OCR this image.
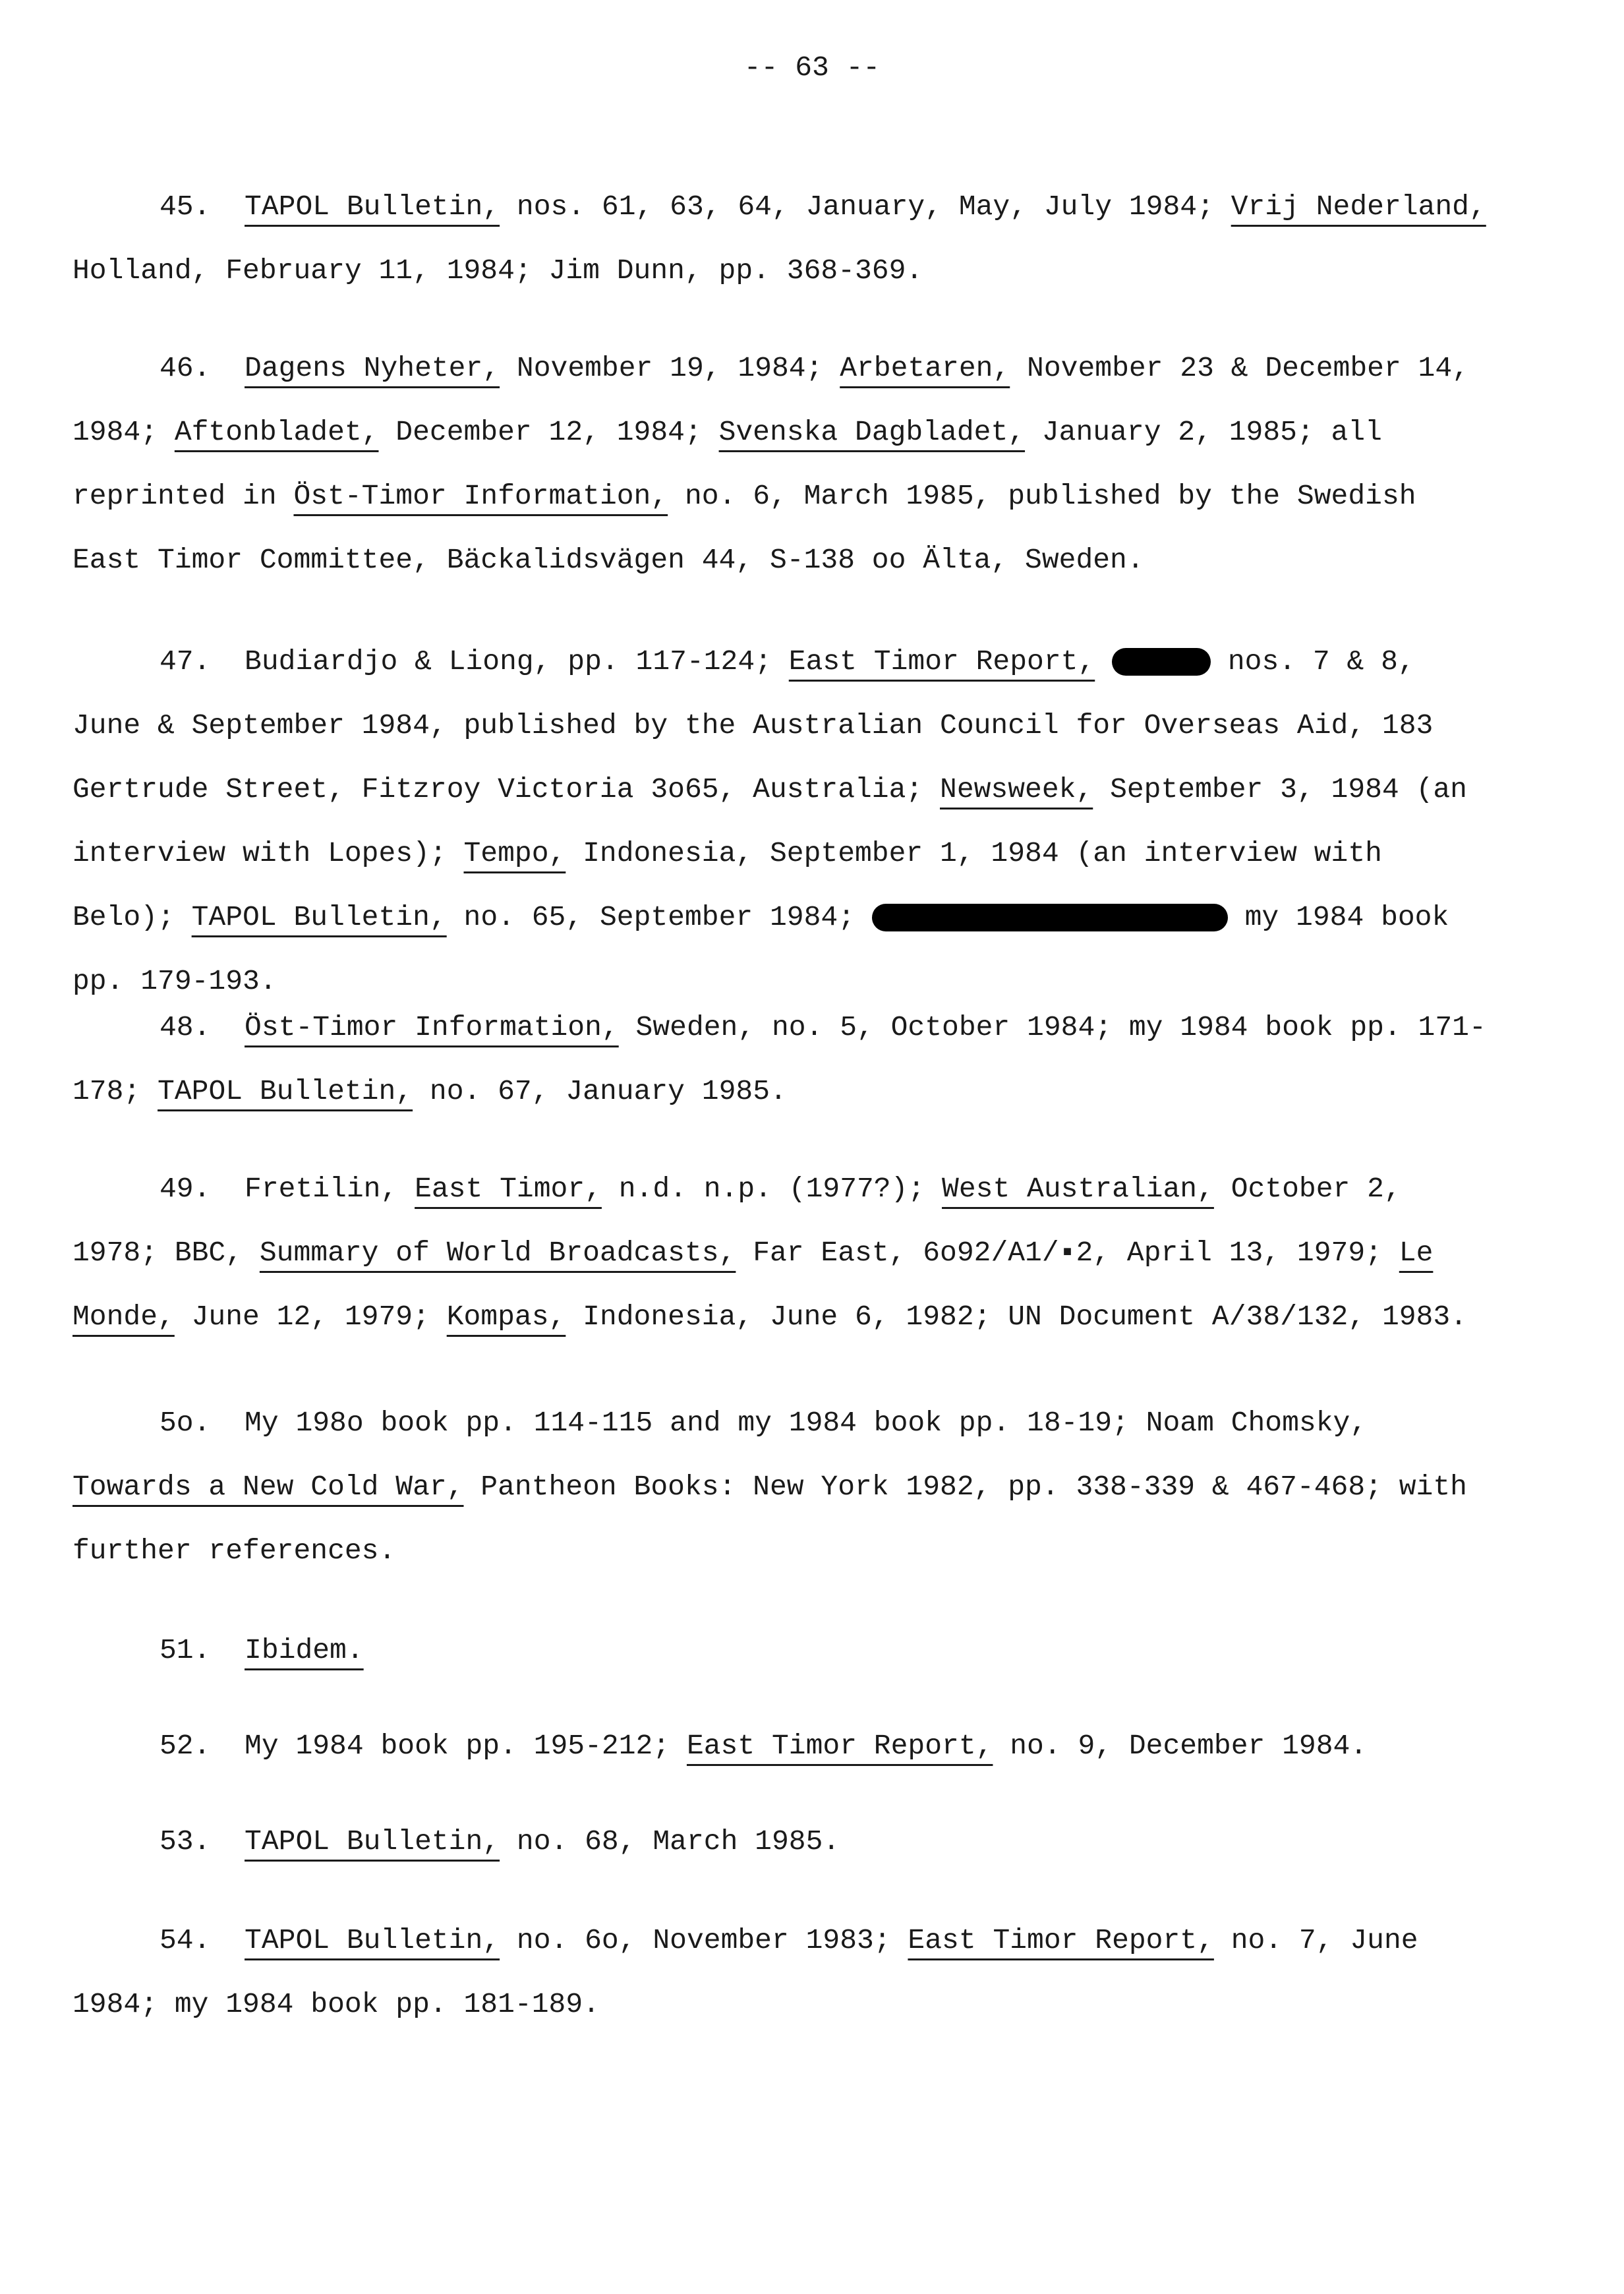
-- 63 --

45. TAPOL Bulletin, nos. 61, 63, 64, January, May, July 1984; Vrij Nederland, Holland, February 11, 1984; Jim Dunn, pp. 368-369.

46. Dagens Nyheter, November 19, 1984; Arbetaren, November 23 & December 14, 1984; Aftonbladet, December 12, 1984; Svenska Dagbladet, January 2, 1985; all reprinted in Öst-Timor Information, no. 6, March 1985, published by the Swedish East Timor Committee, Bäckalidsvägen 44, S-138 oo Älta, Sweden.

47. Budiardjo & Liong, pp. 117-124; East Timor Report,	nos. 7 & 8, June & September 1984, published by the Australian Council for Overseas Aid, 183 Gertrude Street, Fitzroy Victoria 3o65, Australia; Newsweek, September 3, 1984 (an interview with Lopes); Tempo, Indonesia, September 1, 1984 (an interview with Belo); TAPOL Bulletin, no. 65, September 1984;	my 1984 book pp. 179-193.

48. Öst-Timor Information, Sweden, no. 5, October 1984; my 1984 book pp. 171-178; TAPOL Bulletin, no. 67, January 1985.

49. Fretilin, East Timor, n.d. n.p. (1977?); West Australian, October 2, 1978; BBC, Summary of World Broadcasts, Far East, 6o92/A1/▪2, April 13, 1979; Le Monde, June 12, 1979; Kompas, Indonesia, June 6, 1982; UN Document A/38/132, 1983.

5o. My 198o book pp. 114-115 and my 1984 book pp. 18-19; Noam Chomsky, Towards a New Cold War, Pantheon Books: New York 1982, pp. 338-339 & 467-468; with further references.

51. Ibidem.

52. My 1984 book pp. 195-212; East Timor Report, no. 9, December 1984.

53. TAPOL Bulletin, no. 68, March 1985.

54. TAPOL Bulletin, no. 6o, November 1983; East Timor Report, no. 7, June 1984; my 1984 book pp. 181-189.
